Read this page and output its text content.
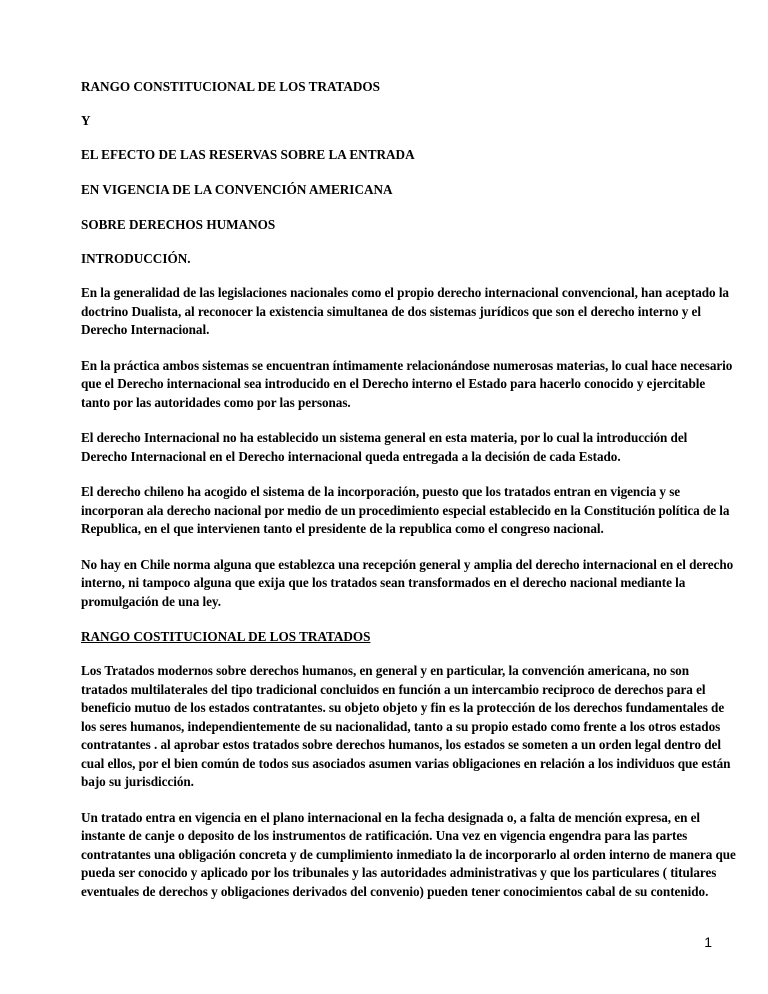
RANGO CONSTITUCIONAL DE LOS TRATADOS

Y

EL EFECTO DE LAS RESERVAS SOBRE LA ENTRADA

EN VIGENCIA DE LA CONVENCIÓN AMERICANA

SOBRE DERECHOS HUMANOS

INTRODUCCIÓN.

En la generalidad de las legislaciones nacionales como el propio derecho internacional convencional, han aceptado la doctrino Dualista, al reconocer la existencia simultanea de dos sistemas jurídicos que son el derecho interno y el Derecho Internacional.

En la práctica ambos sistemas se encuentran íntimamente relacionándose numerosas materias, lo cual hace necesario que el Derecho internacional sea introducido en el Derecho interno el Estado para hacerlo conocido y ejercitable tanto por las autoridades como por las personas.

El derecho Internacional no ha establecido un sistema general en esta materia, por lo cual la introducción del Derecho Internacional en el Derecho internacional queda entregada a la decisión de cada Estado.

El derecho chileno ha acogido el sistema de la incorporación, puesto que los tratados entran en vigencia y se incorporan ala derecho nacional por medio de un procedimiento especial establecido en la Constitución política de la Republica, en el que intervienen tanto el presidente de la republica como el congreso nacional.

No hay en Chile norma alguna que establezca una recepción general y amplia del derecho internacional en el derecho interno, ni tampoco alguna que exija que los tratados sean transformados en el derecho nacional mediante la promulgación de una ley.

RANGO COSTITUCIONAL DE LOS TRATADOS

Los Tratados modernos sobre derechos humanos, en general y en particular, la convención americana, no son tratados multilaterales del tipo tradicional concluidos en función a un intercambio reciproco de derechos para el beneficio mutuo de los estados contratantes. su objeto objeto y fin es la protección de los derechos fundamentales de los seres humanos, independientemente de su nacionalidad, tanto a su propio estado como frente a los otros estados contratantes . al aprobar estos tratados sobre derechos humanos, los estados se someten a un orden legal dentro del cual ellos, por el bien común de todos sus asociados asumen varias obligaciones en relación a los individuos que están bajo su jurisdicción.

Un tratado entra en vigencia en el plano internacional en la fecha designada o, a falta de mención expresa, en el instante de canje o deposito de los instrumentos de ratificación. Una vez en vigencia engendra para las partes contratantes una obligación concreta y de cumplimiento inmediato la de incorporarlo al orden interno de manera que pueda ser conocido y aplicado por los tribunales y las autoridades administrativas y que los particulares ( titulares eventuales de derechos y obligaciones derivados del convenio) pueden tener conocimientos cabal de su contenido.

1
